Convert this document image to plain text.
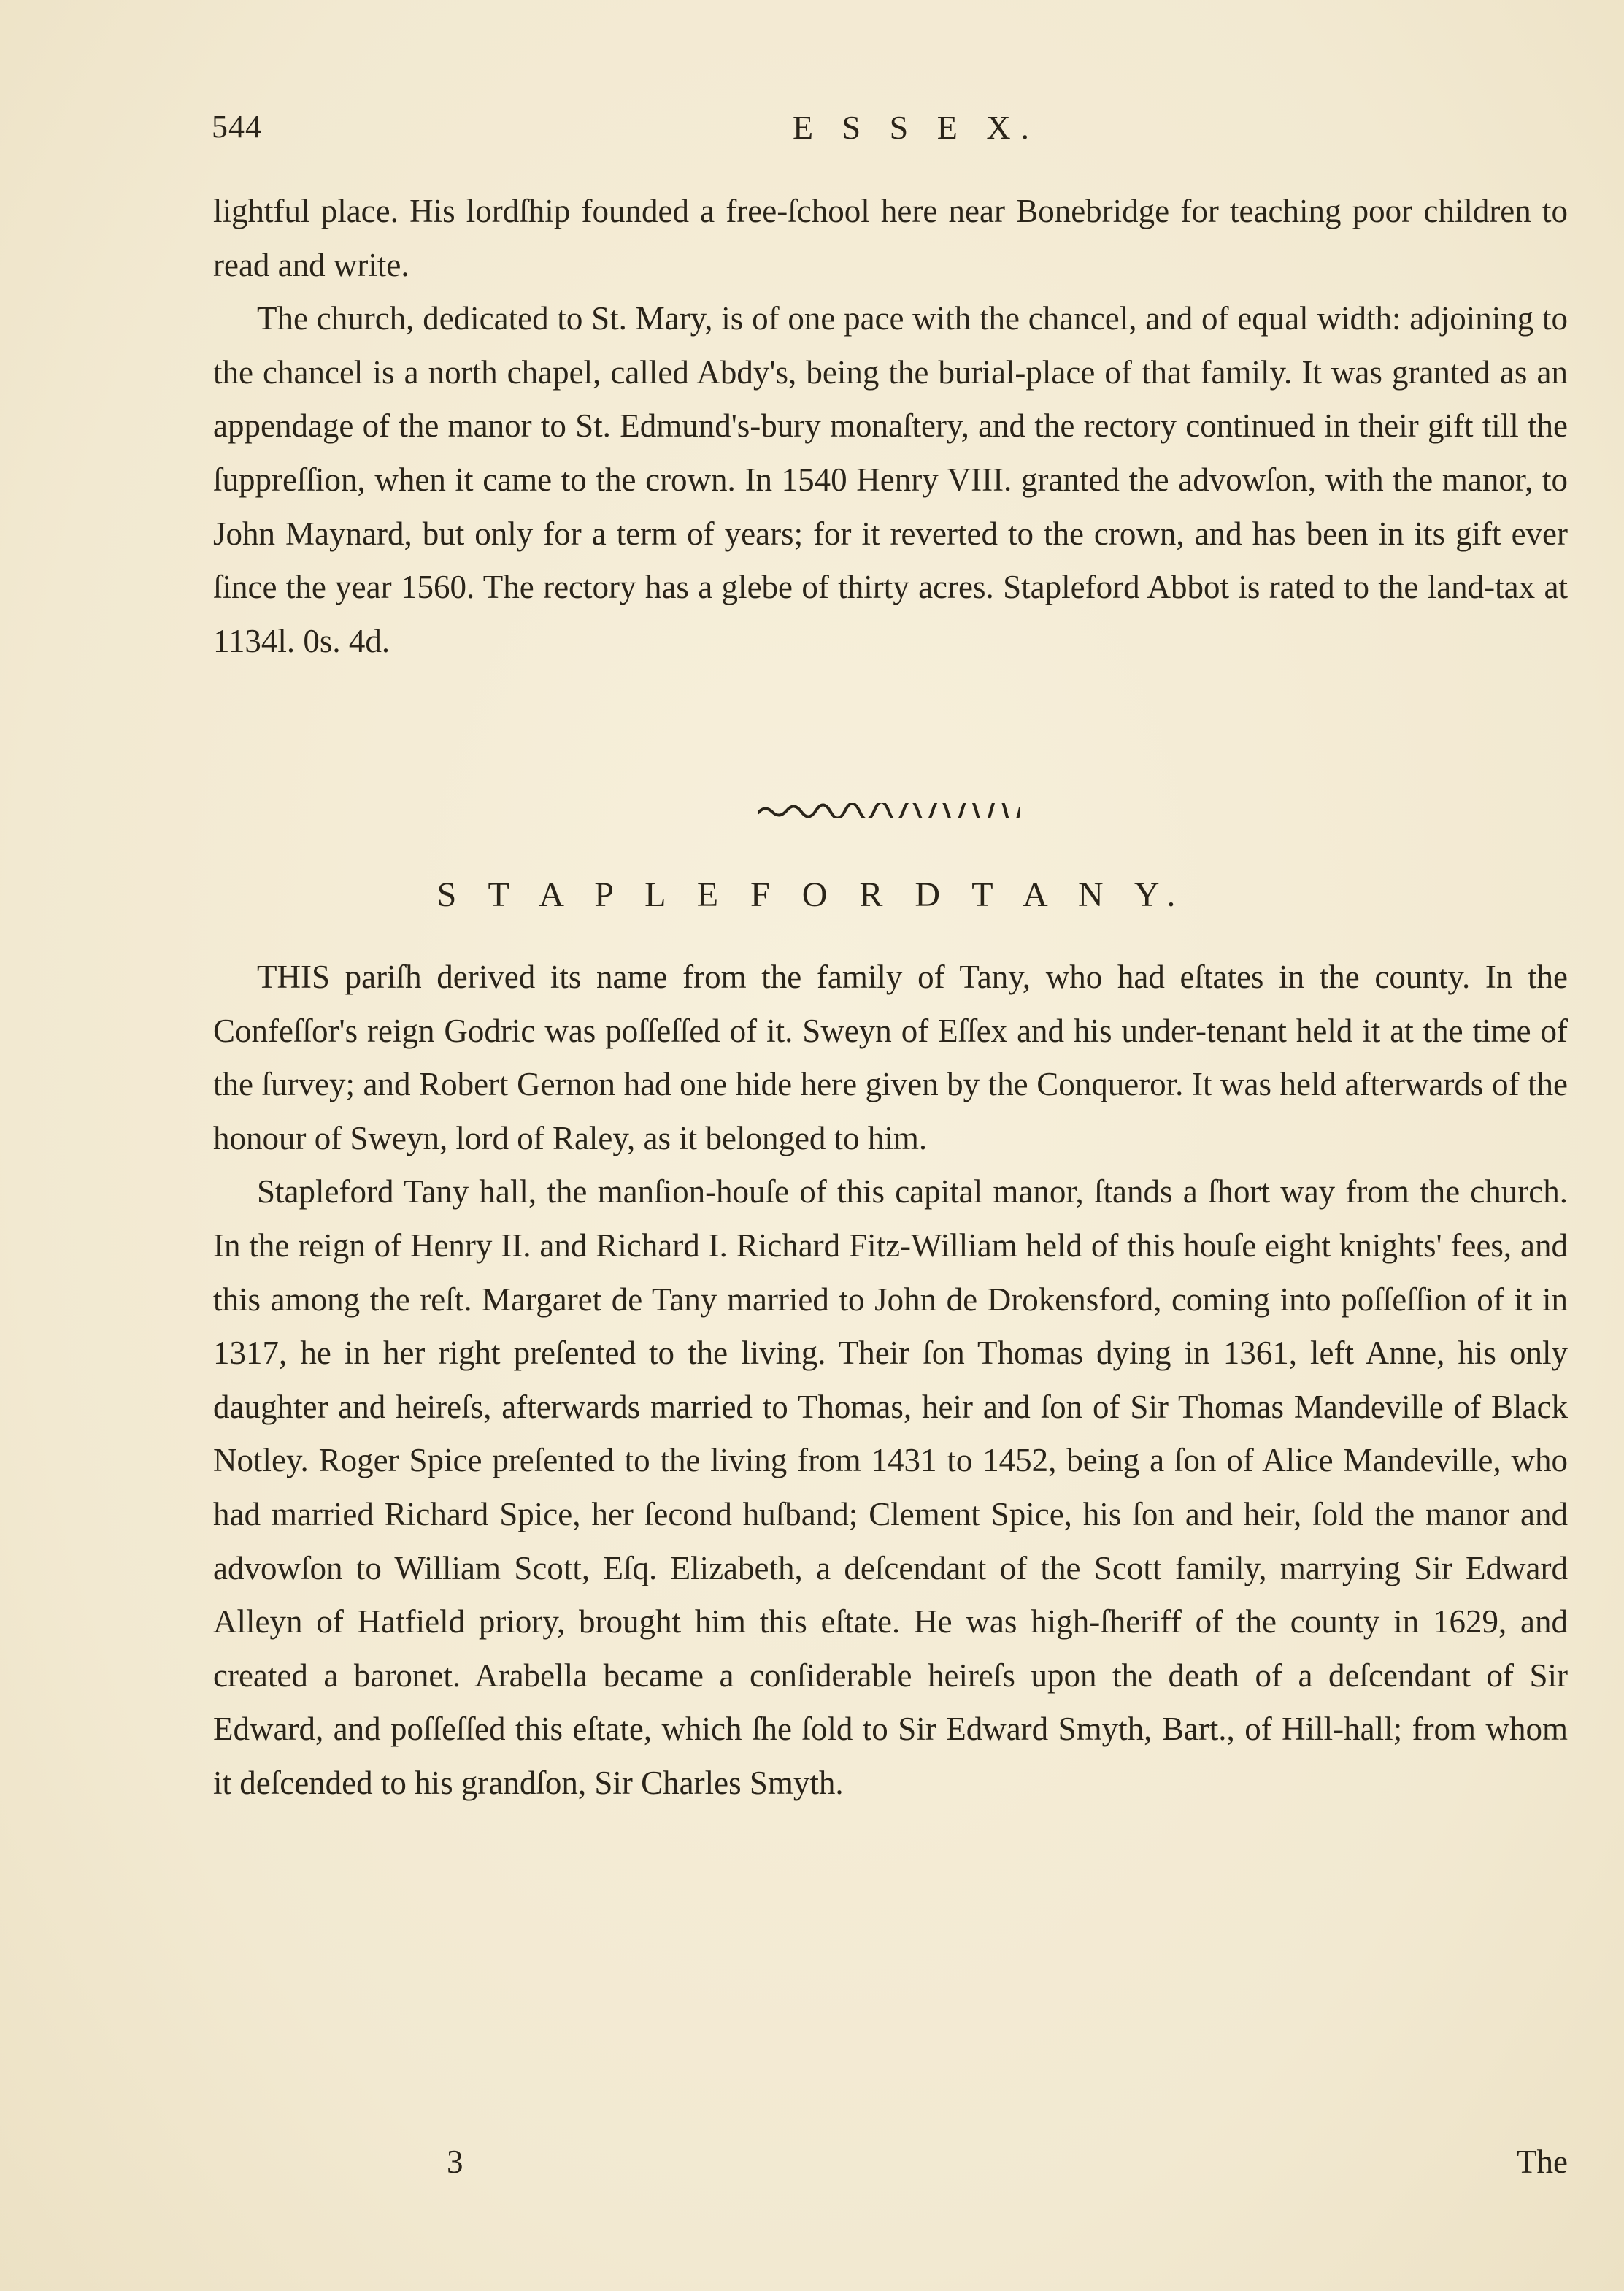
544	E S S E X.

lightful place. His lordſhip founded a free-ſchool here near Bonebridge for teaching poor children to read and write.

The church, dedicated to St. Mary, is of one pace with the chancel, and of equal width: adjoining to the chancel is a north chapel, called Abdy's, being the burial-place of that family. It was granted as an appendage of the manor to St. Edmund's-bury monaſtery, and the rectory continued in their gift till the ſuppreſſion, when it came to the crown. In 1540 Henry VIII. granted the advowſon, with the manor, to John Maynard, but only for a term of years; for it reverted to the crown, and has been in its gift ever ſince the year 1560. The rectory has a glebe of thirty acres. Stapleford Abbot is rated to the land-tax at 1134l. 0s. 4d.

S T A P L E F O R D T A N Y.

THIS pariſh derived its name from the family of Tany, who had eſtates in the county. In the Confeſſor's reign Godric was poſſeſſed of it. Sweyn of Eſſex and his under-tenant held it at the time of the ſurvey; and Robert Gernon had one hide here given by the Conqueror. It was held afterwards of the honour of Sweyn, lord of Raley, as it belonged to him.

Stapleford Tany hall, the manſion-houſe of this capital manor, ſtands a ſhort way from the church. In the reign of Henry II. and Richard I. Richard Fitz-William held of this houſe eight knights' fees, and this among the reſt. Margaret de Tany married to John de Drokensford, coming into poſſeſſion of it in 1317, he in her right preſented to the living. Their ſon Thomas dying in 1361, left Anne, his only daughter and heireſs, afterwards married to Thomas, heir and ſon of Sir Thomas Mandeville of Black Notley. Roger Spice preſented to the living from 1431 to 1452, being a ſon of Alice Mandeville, who had married Richard Spice, her ſecond huſband; Clement Spice, his ſon and heir, ſold the manor and advowſon to William Scott, Eſq. Elizabeth, a deſcendant of the Scott family, marrying Sir Edward Alleyn of Hatfield priory, brought him this eſtate. He was high-ſheriff of the county in 1629, and created a baronet. Arabella became a conſiderable heireſs upon the death of a deſcendant of Sir Edward, and poſſeſſed this eſtate, which ſhe ſold to Sir Edward Smyth, Bart., of Hill-hall; from whom it deſcended to his grandſon, Sir Charles Smyth.

3	The
